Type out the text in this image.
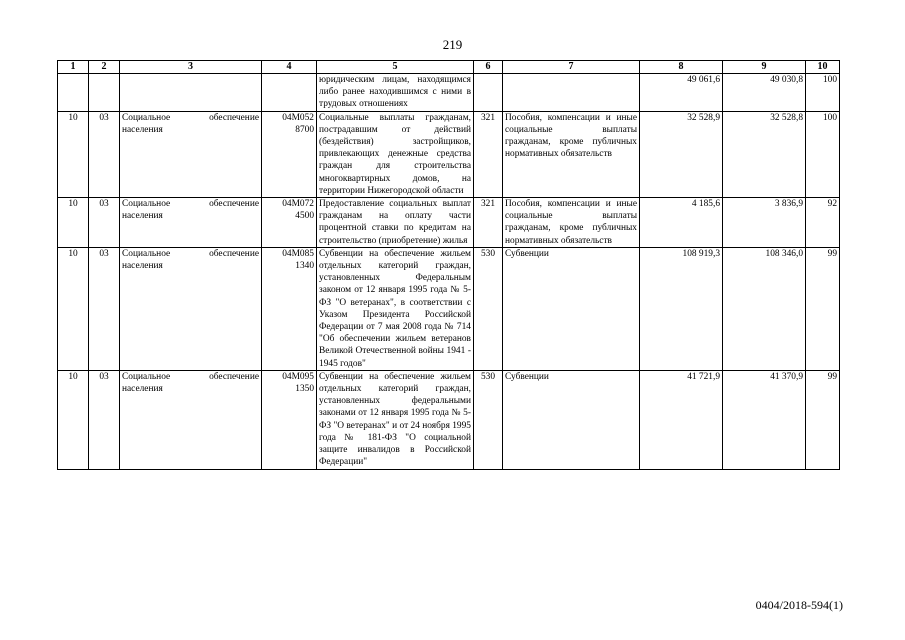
219
1	2	3	4	5	6	7	8	9	10
				юридическим лицам, находящимся либо ранее находившимся с ними в трудовых отношениях			49 061,6	49 030,8	100
10	03	Социальное обеспечение населения	04М052 8700	Социальные выплаты гражданам, пострадавшим от действий (бездействия) застройщиков, привлекающих денежные средства граждан для строительства многоквартирных домов, на территории Нижегородской области	321	Пособия, компенсации и иные социальные выплаты гражданам, кроме публичных нормативных обязательств	32 528,9	32 528,8	100
10	03	Социальное обеспечение населения	04М072 4500	Предоставление социальных выплат гражданам на оплату части процентной ставки по кредитам на строительство (приобретение) жилья	321	Пособия, компенсации и иные социальные выплаты гражданам, кроме публичных нормативных обязательств	4 185,6	3 836,9	92
10	03	Социальное обеспечение населения	04М085 1340	Субвенции на обеспечение жильем отдельных категорий граждан, установленных Федеральным законом от 12 января 1995 года № 5-ФЗ "О ветеранах", в соответствии с Указом Президента Российской Федерации от 7 мая 2008 года № 714 "Об обеспечении жильем ветеранов Великой Отечественной войны 1941 - 1945 годов"	530	Субвенции	108 919,3	108 346,0	99
10	03	Социальное обеспечение населения	04М095 1350	Субвенции на обеспечение жильем отдельных категорий граждан, установленных федеральными законами от 12 января 1995 года № 5-ФЗ "О ветеранах" и от 24 ноября 1995 года № 181-ФЗ "О социальной защите инвалидов в Российской Федерации"	530	Субвенции	41 721,9	41 370,9	99
0404/2018-594(1)
